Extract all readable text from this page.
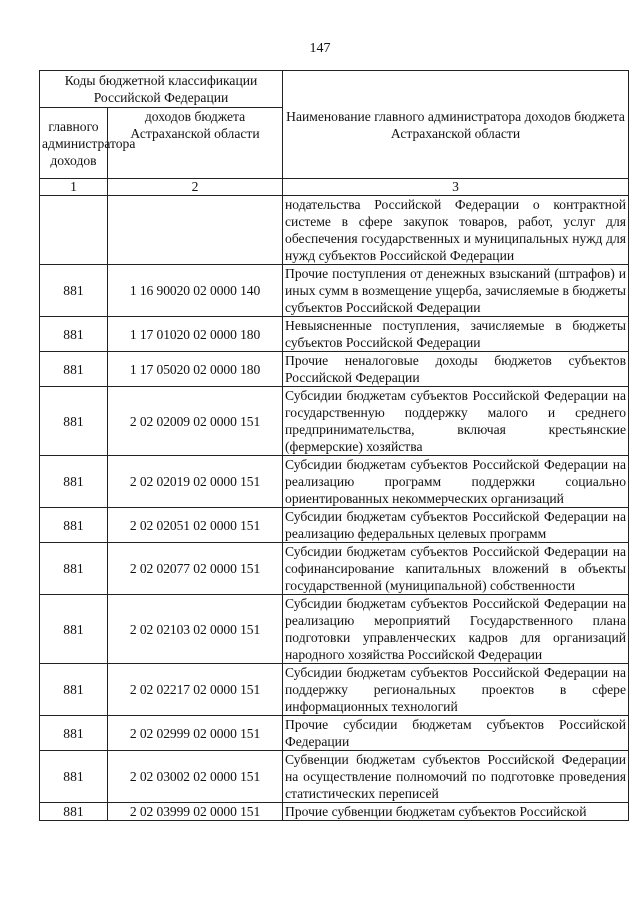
147
Коды бюджетной классификации Российской Федерации		Наименование главного администратора доходов бюджета Астраханской области
главного администратора доходов	доходов бюджета Астраханской области	
1	2	3
		нодательства Российской Федерации о контрактной системе в сфере закупок товаров, работ, услуг для обеспечения государственных и муниципальных нужд для нужд субъектов Российской Федерации
881	1 16 90020 02 0000 140	Прочие поступления от денежных взысканий (штрафов) и иных сумм в возмещение ущерба, зачисляемые в бюджеты субъектов Российской Федерации
881	1 17 01020 02 0000 180	Невыясненные поступления, зачисляемые в бюджеты субъектов Российской Федерации
881	1 17 05020 02 0000 180	Прочие неналоговые доходы бюджетов субъектов Российской Федерации
881	2 02 02009 02 0000 151	Субсидии бюджетам субъектов Российской Федерации на государственную поддержку малого и среднего предпринимательства, включая крестьянские (фермерские) хозяйства
881	2 02 02019 02 0000 151	Субсидии бюджетам субъектов Российской Федерации на реализацию программ поддержки социально ориентированных некоммерческих организаций
881	2 02 02051 02 0000 151	Субсидии бюджетам субъектов Российской Федерации на реализацию федеральных целевых программ
881	2 02 02077 02 0000 151	Субсидии бюджетам субъектов Российской Федерации на софинансирование капитальных вложений в объекты государственной (муниципальной) собственности
881	2 02 02103 02 0000 151	Субсидии бюджетам субъектов Российской Федерации на реализацию мероприятий Государственного плана подготовки управленческих кадров для организаций народного хозяйства Российской Федерации
881	2 02 02217 02 0000 151	Субсидии бюджетам субъектов Российской Федерации на поддержку региональных проектов в сфере информационных технологий
881	2 02 02999 02 0000 151	Прочие субсидии бюджетам субъектов Российской Федерации
881	2 02 03002 02 0000 151	Субвенции бюджетам субъектов Российской Федерации на осуществление полномочий по подготовке проведения статистических переписей
881	2 02 03999 02 0000 151	Прочие субвенции бюджетам субъектов Российской
